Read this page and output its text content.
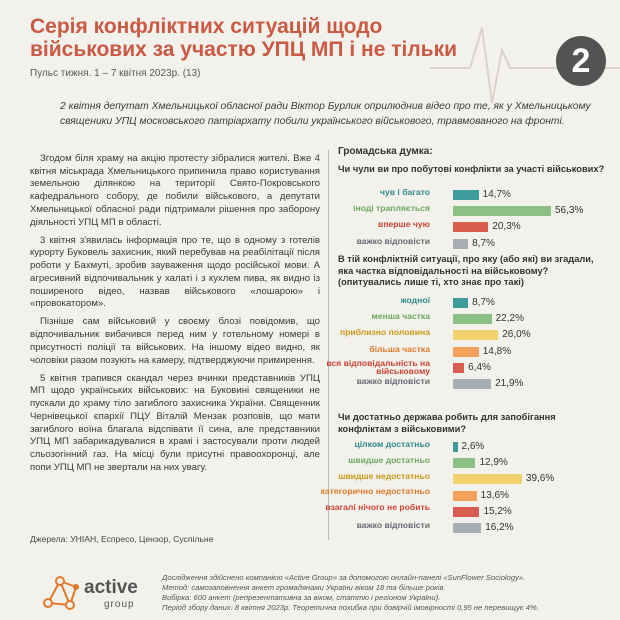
Серія конфліктних ситуацій щодо
військових за участю УПЦ МП і не тільки
Пульс тижня. 1 – 7 квітня 2023р. (13)	2
2 квітня депутат Хмельницької обласної ради Віктор Бурлик оприлюднив відео про те, як у Хмельницькому священики УПЦ московського патріархату побили українського військового, травмованого на фронті.

Згодом біля храму на акцію протесту зібралися жителі. Вже 4 квітня міськрада Хмельницького припинила право користування земельною ділянкою на території Свято-Покровського кафедрального собору, де побили військового, а депутати Хмельницької обласної ради підтримали рішення про заборону діяльності УПЦ МП в області.

3 квітня з'явилась інформація про те, що в одному з готелів курорту Буковель захисник, який перебував на реабілітації після роботи у Бахмуті, зробив зауваження щодо російської мови. А агресивний відпочивальник у халаті і з кухлем пива, як видно із поширеного відео, назвав військового «лошарою» і «провокатором».

Пізніше сам військовий у своєму блозі повідомив, що відпочивальник вибачився перед ним у готельному номері в присутності поліції та військових. На іншому відео видно, як чоловіки разом позують на камеру, підтверджуючи примирення.

5 квітня трапився скандал через вчинки представників УПЦ МП щодо українських військових: на Буковині священики не пускали до храму тіло загиблого захисника України. Священник Чернівецької єпархії ПЦУ Віталій Мензак розповів, що мати загиблого воїна благала відспівати її сина, але представники УПЦ МП забарикадувалися в храмі і застосували проти людей сльозогінний газ. На місці були присутні правоохоронці, але попи УПЦ МП не звертали на них увагу.

Джерела: УНІАН, Еспресо, Цензор, Суспільне
Громадська думка:
Чи чули ви про побутові конфлікти за участі військових?
чув і багато	14,7%
іноді трапляється	56,3%
вперше чую	20,3%
важко відповісти	8,7%
В тій конфліктній ситуації, про яку (або які) ви згадали, яка частка відповідальності на військовому? (опитувались лише ті, хто знає про такі)
жодної	8,7%
менша частка	22,2%
приблизно половина	26,0%
більша частка	14,8%
вся відповідальність на військовому	6,4%
важко відповісти	21,9%
Чи достатньо держава робить для запобігання конфліктам з військовими?
цілком достатньо	2,6%
швидше достатньо	12,9%
швидше недостатньо	39,6%
категорично недостатньо	13,6%
взагалі нічого не робить	15,2%
важко відповісти	16,2%
active
group
Дослідження здійснено компанією «Active Group» за допомогою онлайн-панелі «SunFlower Sociology».
Метод: самозаповнення анкет громадянами України віком 18 та більше років.
Вибірка: 600 анкет (репрезентативна за віком, статтю і регіоном України).
Період збору даних: 8 квітня 2023р. Теоретична похибка при довірчій імовірності 0,95 не перевищує 4%.
